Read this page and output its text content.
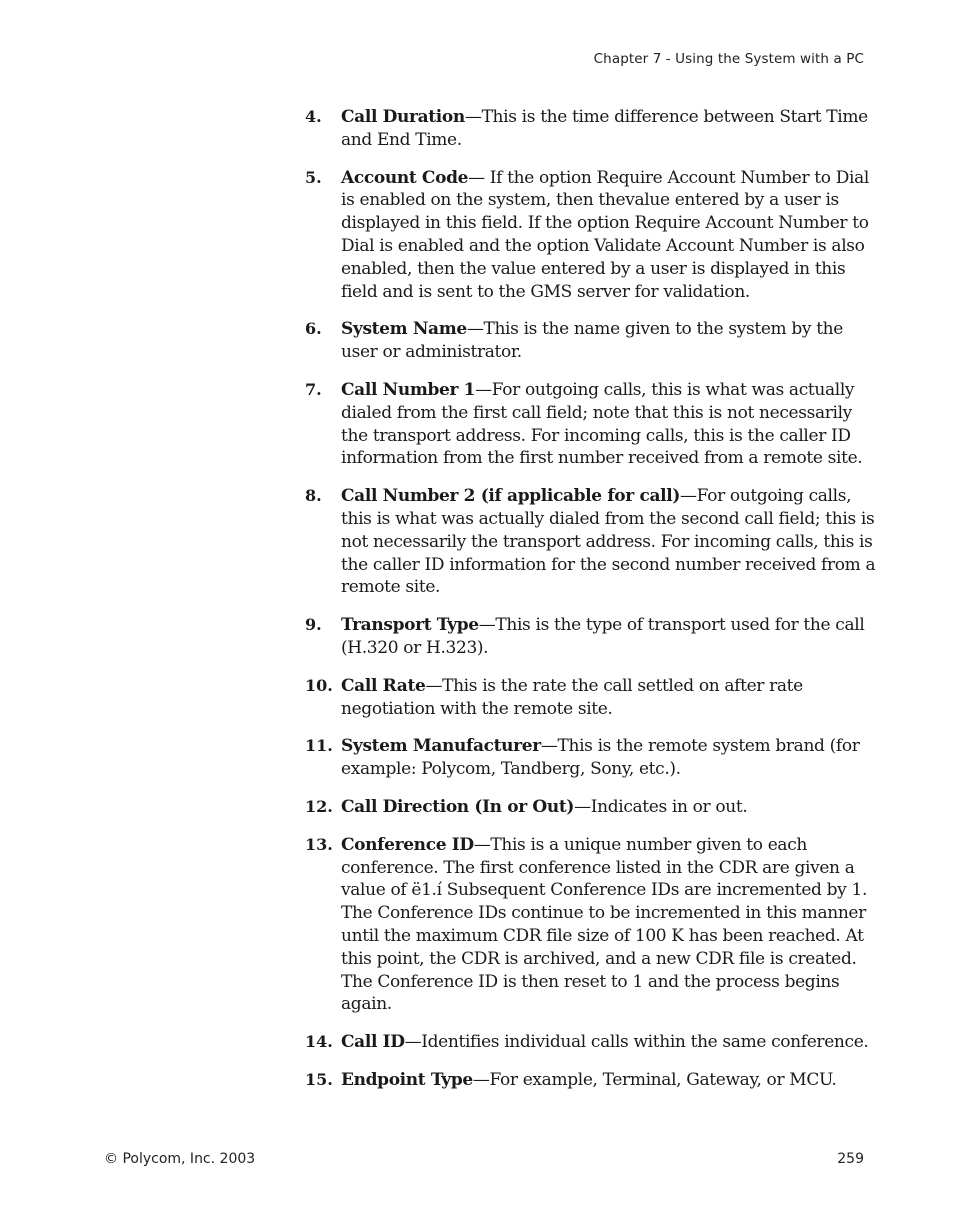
Chapter 7 - Using the System with a PC
4. Call Duration—This is the time difference between Start Time and End Time.
5. Account Code— If the option Require Account Number to Dial is enabled on the system, then thevalue entered by a user is displayed in this field. If the option Require Account Number to Dial is enabled and the option Validate Account Number is also enabled, then the value entered by a user is displayed in this field and is sent to the GMS server for validation.
6. System Name—This is the name given to the system by the user or administrator.
7. Call Number 1—For outgoing calls, this is what was actually dialed from the first call field; note that this is not necessarily the transport address. For incoming calls, this is the caller ID information from the first number received from a remote site.
8. Call Number 2 (if applicable for call)—For outgoing calls, this is what was actually dialed from the second call field; this is not necessarily the transport address. For incoming calls, this is the caller ID information for the second number received from a remote site.
9. Transport Type—This is the type of transport used for the call (H.320 or H.323).
10. Call Rate—This is the rate the call settled on after rate negotiation with the remote site.
11. System Manufacturer—This is the remote system brand (for example: Polycom, Tandberg, Sony, etc.).
12. Call Direction (In or Out)—Indicates in or out.
13. Conference ID—This is a unique number given to each conference. The first conference listed in the CDR are given a value of ë1.í Subsequent Conference IDs are incremented by 1. The Conference IDs continue to be incremented in this manner until the maximum CDR file size of 100 K has been reached. At this point, the CDR is archived, and a new CDR file is created. The Conference ID is then reset to 1 and the process begins again.
14. Call ID—Identifies individual calls within the same conference.
15. Endpoint Type—For example, Terminal, Gateway, or MCU.
© Polycom, Inc. 2003	259
